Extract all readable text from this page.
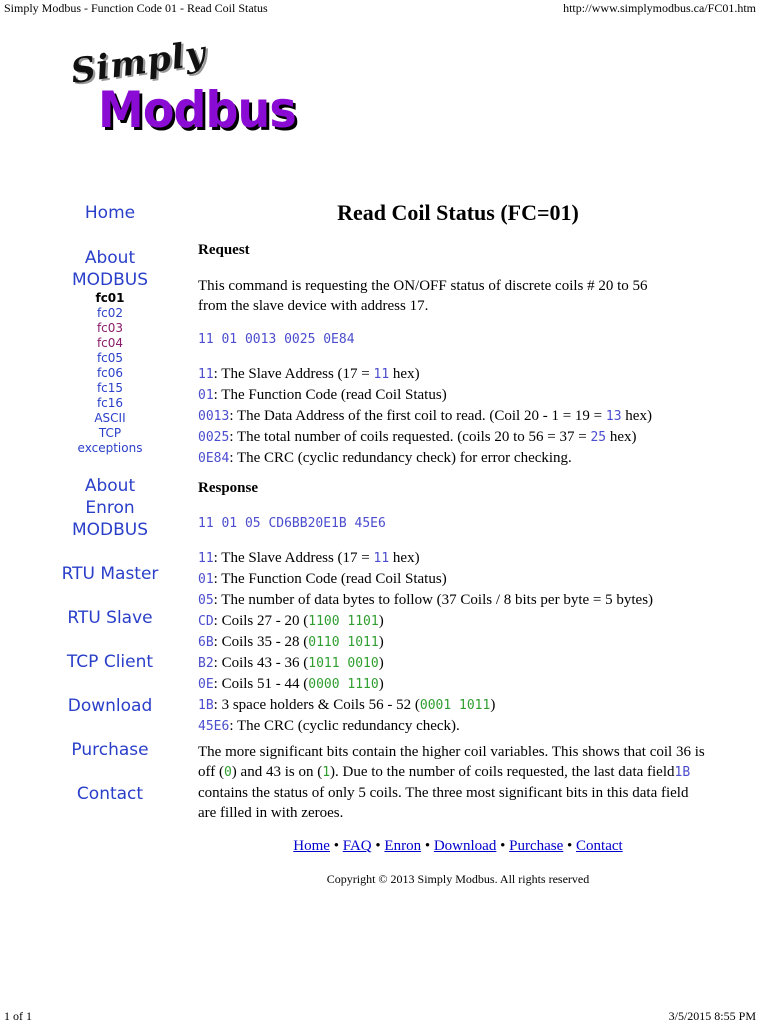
Simply Modbus - Function Code 01 - Read Coil Status	http://www.simplymodbus.ca/FC01.htm
1 of 1	3/5/2015 8:55 PM
Simply
Modbus
Home
About
MODBUS
fc01
fc02
fc03
fc04
fc05
fc06
fc15
fc16
ASCII
TCP
exceptions
About
Enron
MODBUS
RTU Master
RTU Slave
TCP Client
Download
Purchase
Contact
Read Coil Status (FC=01)
Request
This command is requesting the ON/OFF status of discrete coils # 20 to 56
from the slave device with address 17.
11 01 0013 0025 0E84
11: The Slave Address (17 = 11 hex)
01: The Function Code (read Coil Status)
0013: The Data Address of the first coil to read. (Coil 20 - 1 = 19 = 13 hex)
0025: The total number of coils requested. (coils 20 to 56 = 37 = 25 hex)
0E84: The CRC (cyclic redundancy check) for error checking.
Response
11 01 05 CD6BB20E1B 45E6
11: The Slave Address (17 = 11 hex)
01: The Function Code (read Coil Status)
05: The number of data bytes to follow (37 Coils / 8 bits per byte = 5 bytes)
CD: Coils 27 - 20 (1100 1101)
6B: Coils 35 - 28 (0110 1011)
B2: Coils 43 - 36 (1011 0010)
0E: Coils 51 - 44 (0000 1110)
1B: 3 space holders & Coils 56 - 52 (0001 1011)
45E6: The CRC (cyclic redundancy check).
The more significant bits contain the higher coil variables. This shows that coil 36 is
off (0) and 43 is on (1). Due to the number of coils requested, the last data field1B
contains the status of only 5 coils. The three most significant bits in this data field
are filled in with zeroes.
Home • FAQ • Enron • Download • Purchase • Contact
Copyright © 2013 Simply Modbus. All rights reserved
